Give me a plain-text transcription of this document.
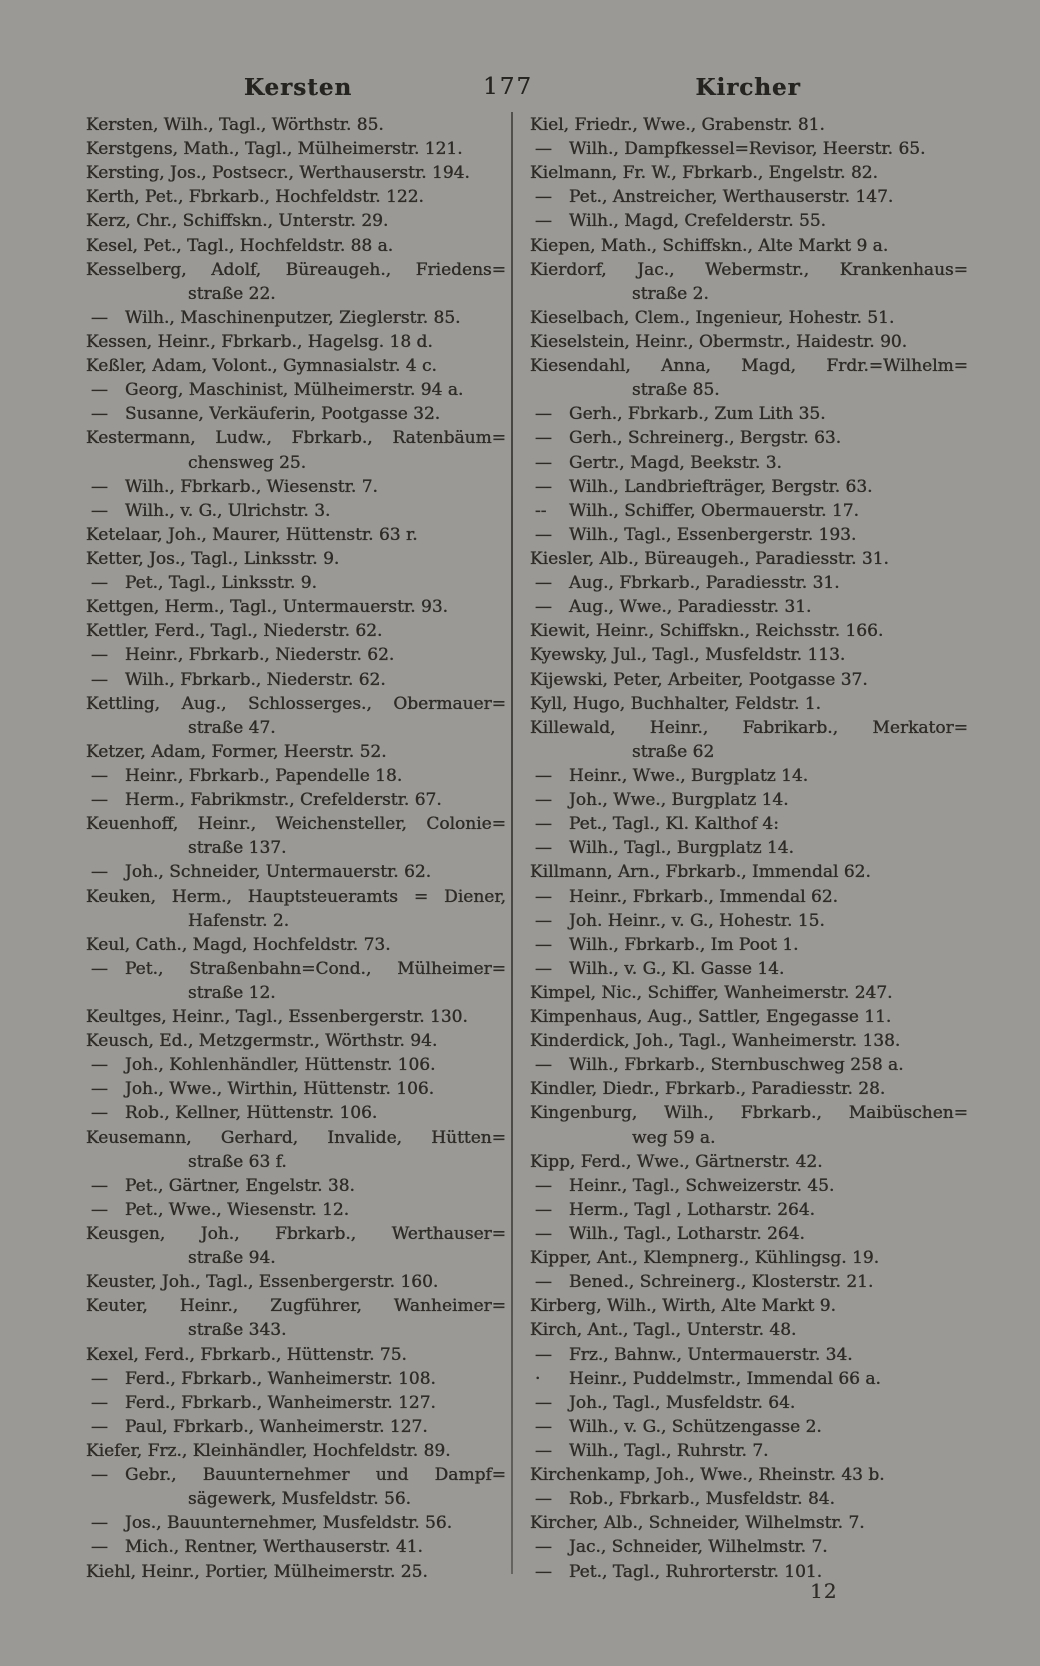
Kersten	177	Kircher
Kersten, Wilh., Tagl., Wörthstr. 85.
Kerstgens, Math., Tagl., Mülheimerstr. 121.
Kersting, Jos., Postsecr., Werthauserstr. 194.
Kerth, Pet., Fbrkarb., Hochfeldstr. 122.
Kerz, Chr., Schiffskn., Unterstr. 29.
Kesel, Pet., Tagl., Hochfeldstr. 88 a.
Kesselberg, Adolf, Büreaugeh., Friedens=
straße 22.
— Wilh., Maschinenputzer, Zieglerstr. 85.
Kessen, Heinr., Fbrkarb., Hagelsg. 18 d.
Keßler, Adam, Volont., Gymnasialstr. 4 c.
— Georg, Maschinist, Mülheimerstr. 94 a.
— Susanne, Verkäuferin, Pootgasse 32.
Kestermann, Ludw., Fbrkarb., Ratenbäum=
chensweg 25.
— Wilh., Fbrkarb., Wiesenstr. 7.
— Wilh., v. G., Ulrichstr. 3.
Ketelaar, Joh., Maurer, Hüttenstr. 63 r.
Ketter, Jos., Tagl., Linksstr. 9.
— Pet., Tagl., Linksstr. 9.
Kettgen, Herm., Tagl., Untermauerstr. 93.
Kettler, Ferd., Tagl., Niederstr. 62.
— Heinr., Fbrkarb., Niederstr. 62.
— Wilh., Fbrkarb., Niederstr. 62.
Kettling, Aug., Schlosserges., Obermauer=
straße 47.
Ketzer, Adam, Former, Heerstr. 52.
— Heinr., Fbrkarb., Papendelle 18.
— Herm., Fabrikmstr., Crefelderstr. 67.
Keuenhoff, Heinr., Weichensteller, Colonie=
straße 137.
— Joh., Schneider, Untermauerstr. 62.
Keuken, Herm., Hauptsteueramts = Diener,
Hafenstr. 2.
Keul, Cath., Magd, Hochfeldstr. 73.
— Pet., Straßenbahn=Cond., Mülheimer=
straße 12.
Keultges, Heinr., Tagl., Essenbergerstr. 130.
Keusch, Ed., Metzgermstr., Wörthstr. 94.
— Joh., Kohlenhändler, Hüttenstr. 106.
— Joh., Wwe., Wirthin, Hüttenstr. 106.
— Rob., Kellner, Hüttenstr. 106.
Keusemann, Gerhard, Invalide, Hütten=
straße 63 f.
— Pet., Gärtner, Engelstr. 38.
— Pet., Wwe., Wiesenstr. 12.
Keusgen, Joh., Fbrkarb., Werthauser=
straße 94.
Keuster, Joh., Tagl., Essenbergerstr. 160.
Keuter, Heinr., Zugführer, Wanheimer=
straße 343.
Kexel, Ferd., Fbrkarb., Hüttenstr. 75.
— Ferd., Fbrkarb., Wanheimerstr. 108.
— Ferd., Fbrkarb., Wanheimerstr. 127.
— Paul, Fbrkarb., Wanheimerstr. 127.
Kiefer, Frz., Kleinhändler, Hochfeldstr. 89.
— Gebr., Bauunternehmer und Dampf=
sägewerk, Musfeldstr. 56.
— Jos., Bauunternehmer, Musfeldstr. 56.
— Mich., Rentner, Werthauserstr. 41.
Kiehl, Heinr., Portier, Mülheimerstr. 25.
Kiel, Friedr., Wwe., Grabenstr. 81.
— Wilh., Dampfkessel=Revisor, Heerstr. 65.
Kielmann, Fr. W., Fbrkarb., Engelstr. 82.
— Pet., Anstreicher, Werthauserstr. 147.
— Wilh., Magd, Crefelderstr. 55.
Kiepen, Math., Schiffskn., Alte Markt 9 a.
Kierdorf, Jac., Webermstr., Krankenhaus=
straße 2.
Kieselbach, Clem., Ingenieur, Hohestr. 51.
Kieselstein, Heinr., Obermstr., Haidestr. 90.
Kiesendahl, Anna, Magd, Frdr.=Wilhelm=
straße 85.
— Gerh., Fbrkarb., Zum Lith 35.
— Gerh., Schreinerg., Bergstr. 63.
— Gertr., Magd, Beekstr. 3.
— Wilh., Landbriefträger, Bergstr. 63.
-- Wilh., Schiffer, Obermauerstr. 17.
— Wilh., Tagl., Essenbergerstr. 193.
Kiesler, Alb., Büreaugeh., Paradiesstr. 31.
— Aug., Fbrkarb., Paradiesstr. 31.
— Aug., Wwe., Paradiesstr. 31.
Kiewit, Heinr., Schiffskn., Reichsstr. 166.
Kyewsky, Jul., Tagl., Musfeldstr. 113.
Kijewski, Peter, Arbeiter, Pootgasse 37.
Kyll, Hugo, Buchhalter, Feldstr. 1.
Killewald, Heinr., Fabrikarb., Merkator=
straße 62
— Heinr., Wwe., Burgplatz 14.
— Joh., Wwe., Burgplatz 14.
— Pet., Tagl., Kl. Kalthof 4:
— Wilh., Tagl., Burgplatz 14.
Killmann, Arn., Fbrkarb., Immendal 62.
— Heinr., Fbrkarb., Immendal 62.
— Joh. Heinr., v. G., Hohestr. 15.
— Wilh., Fbrkarb., Im Poot 1.
— Wilh., v. G., Kl. Gasse 14.
Kimpel, Nic., Schiffer, Wanheimerstr. 247.
Kimpenhaus, Aug., Sattler, Engegasse 11.
Kinderdick, Joh., Tagl., Wanheimerstr. 138.
— Wilh., Fbrkarb., Sternbuschweg 258 a.
Kindler, Diedr., Fbrkarb., Paradiesstr. 28.
Kingenburg, Wilh., Fbrkarb., Maibüschen=
weg 59 a.
Kipp, Ferd., Wwe., Gärtnerstr. 42.
— Heinr., Tagl., Schweizerstr. 45.
— Herm., Tagl , Lotharstr. 264.
— Wilh., Tagl., Lotharstr. 264.
Kipper, Ant., Klempnerg., Kühlingsg. 19.
— Bened., Schreinerg., Klosterstr. 21.
Kirberg, Wilh., Wirth, Alte Markt 9.
Kirch, Ant., Tagl., Unterstr. 48.
— Frz., Bahnw., Untermauerstr. 34.
· Heinr., Puddelmstr., Immendal 66 a.
— Joh., Tagl., Musfeldstr. 64.
— Wilh., v. G., Schützengasse 2.
— Wilh., Tagl., Ruhrstr. 7.
Kirchenkamp, Joh., Wwe., Rheinstr. 43 b.
— Rob., Fbrkarb., Musfeldstr. 84.
Kircher, Alb., Schneider, Wilhelmstr. 7.
— Jac., Schneider, Wilhelmstr. 7.
— Pet., Tagl., Ruhrorterstr. 101.
12
